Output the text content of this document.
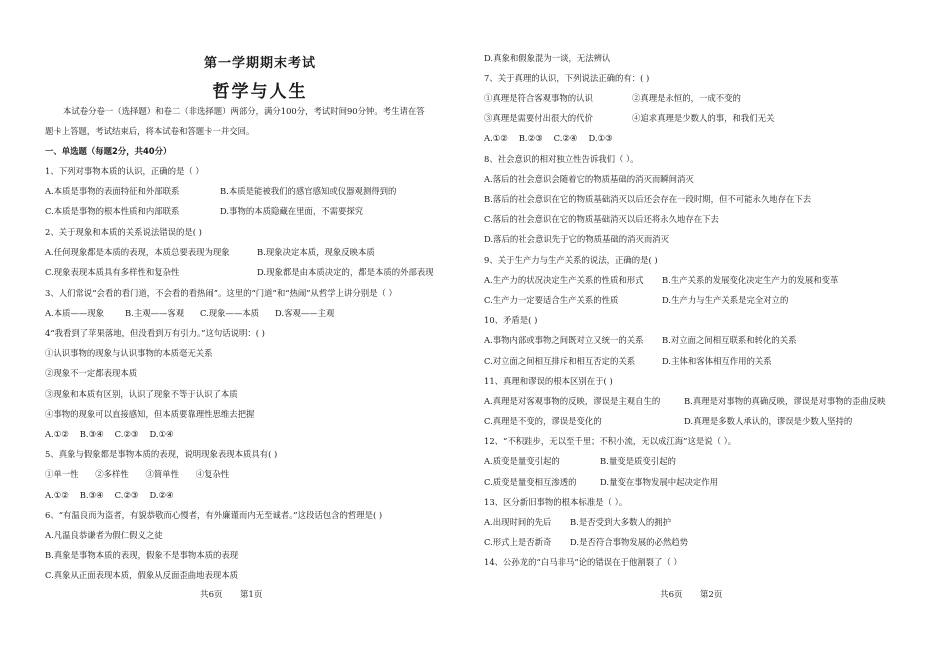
第一学期期末考试
哲学与人生
本试卷分卷一（选择题）和卷二（非选择题）两部分，满分100分，考试时间90分钟。考生请在答
题卡上答题，考试结束后，将本试卷和答题卡一并交回。
一、单选题（每题2分，共40分）
1、下列对事物本质的认识，正确的是（ ）
A.本质是事物的表面特征和外部联系	B.本质是能被我们的感官感知或仪器观测得到的
C.本质是事物的根本性质和内部联系	D.事物的本质隐藏在里面，不需要探究
2、关于现象和本质的关系说法错误的是( )
A.任何现象都是本质的表现，本质总要表现为现象	B.现象决定本质，现象反映本质
C.现象表现本质具有多样性和复杂性	D.现象都是由本质决定的，都是本质的外部表现
3、人们常说“会看的看门道，不会看的看热闹”。这里的“门道”和“热闹”从哲学上讲分别是（ ）
A.本质——现象	B.主观——客观 C.现象——本质 D.客观——主观
4“我看到了苹果落地，但没看到万有引力。”这句话说明：( )
①认识事物的现象与认识事物的本质毫无关系
②现象不一定都表现本质
③现象和本质有区别，认识了现象不等于认识了本质
④事物的现象可以直接感知，但本质要靠理性思维去把握
A.①②　 B.③④　 C.②③　 D.①④
5、真象与假象都是事物本质的表现，说明现象表现本质具有( )
①单一性　　②多样性　　③简单性　　④复杂性
A.①②　 B.③④　 C.②③　 D.②④
6、“有温良而为盗者，有貌恭敬而心慢者，有外廉谨而内无至诚者。”这段话包含的哲理是( )
A.凡温良恭谦者为假仁假义之徒
B.真象是事物本质的表现，假象不是事物本质的表现
C.真象从正面表现本质，假象从反面歪曲地表现本质
共6页　　第1页
D.真象和假象混为一谈，无法辨认
7、关于真理的认识，下列说法正确的有：( )
①真理是符合客观事物的认识	②真理是永恒的，一成不变的
③真理是需要付出很大的代价	④追求真理是少数人的事，和我们无关
A.①②　 B.②③　 C.②④　 D.①③
8、社会意识的相对独立性告诉我们（ ）。
A.落后的社会意识会随着它的物质基础的消灭而瞬间消灭
B.落后的社会意识在它的物质基础消灭以后还会存在一段时期，但不可能永久地存在下去
C.落后的社会意识在它的物质基础消灭以后还将永久地存在下去
D.落后的社会意识先于它的物质基础的消灭而消灭
9、关于生产力与生产关系的说法，正确的是( )
A.生产力的状况决定生产关系的性质和形式 B.生产关系的发展变化决定生产力的发展和变革
C.生产力一定要适合生产关系的性质	D.生产力与生产关系是完全对立的
10、矛盾是( )
A.事物内部或事物之间既对立又统一的关系 B.对立面之间相互联系和转化的关系
C.对立面之间相互排斥和相互否定的关系	D.主体和客体相互作用的关系
11、真理和谬误的根本区别在于( )
A.真理是对客观事物的反映，谬误是主观自生的	B.真理是对事物的真确反映，谬误是对事物的歪曲反映
C.真理是不变的，谬误是变化的	D.真理是多数人承认的，谬误是少数人坚持的
12、“不积跬步，无以至千里；不积小流，无以成江海”这是说（ ）。
A.质变是量变引起的	B.量变是质变引起的
C.质变是量变相互渗透的	D.量变在事物发展中起决定作用
13、区分新旧事物的根本标准是（ ）。
A.出现时间的先后 B.是否受到大多数人的拥护
C.形式上是否新奇 D.是否符合事物发展的必然趋势
14、公孙龙的“白马非马”论的错误在于他割裂了（ ）
共6页　　第2页
